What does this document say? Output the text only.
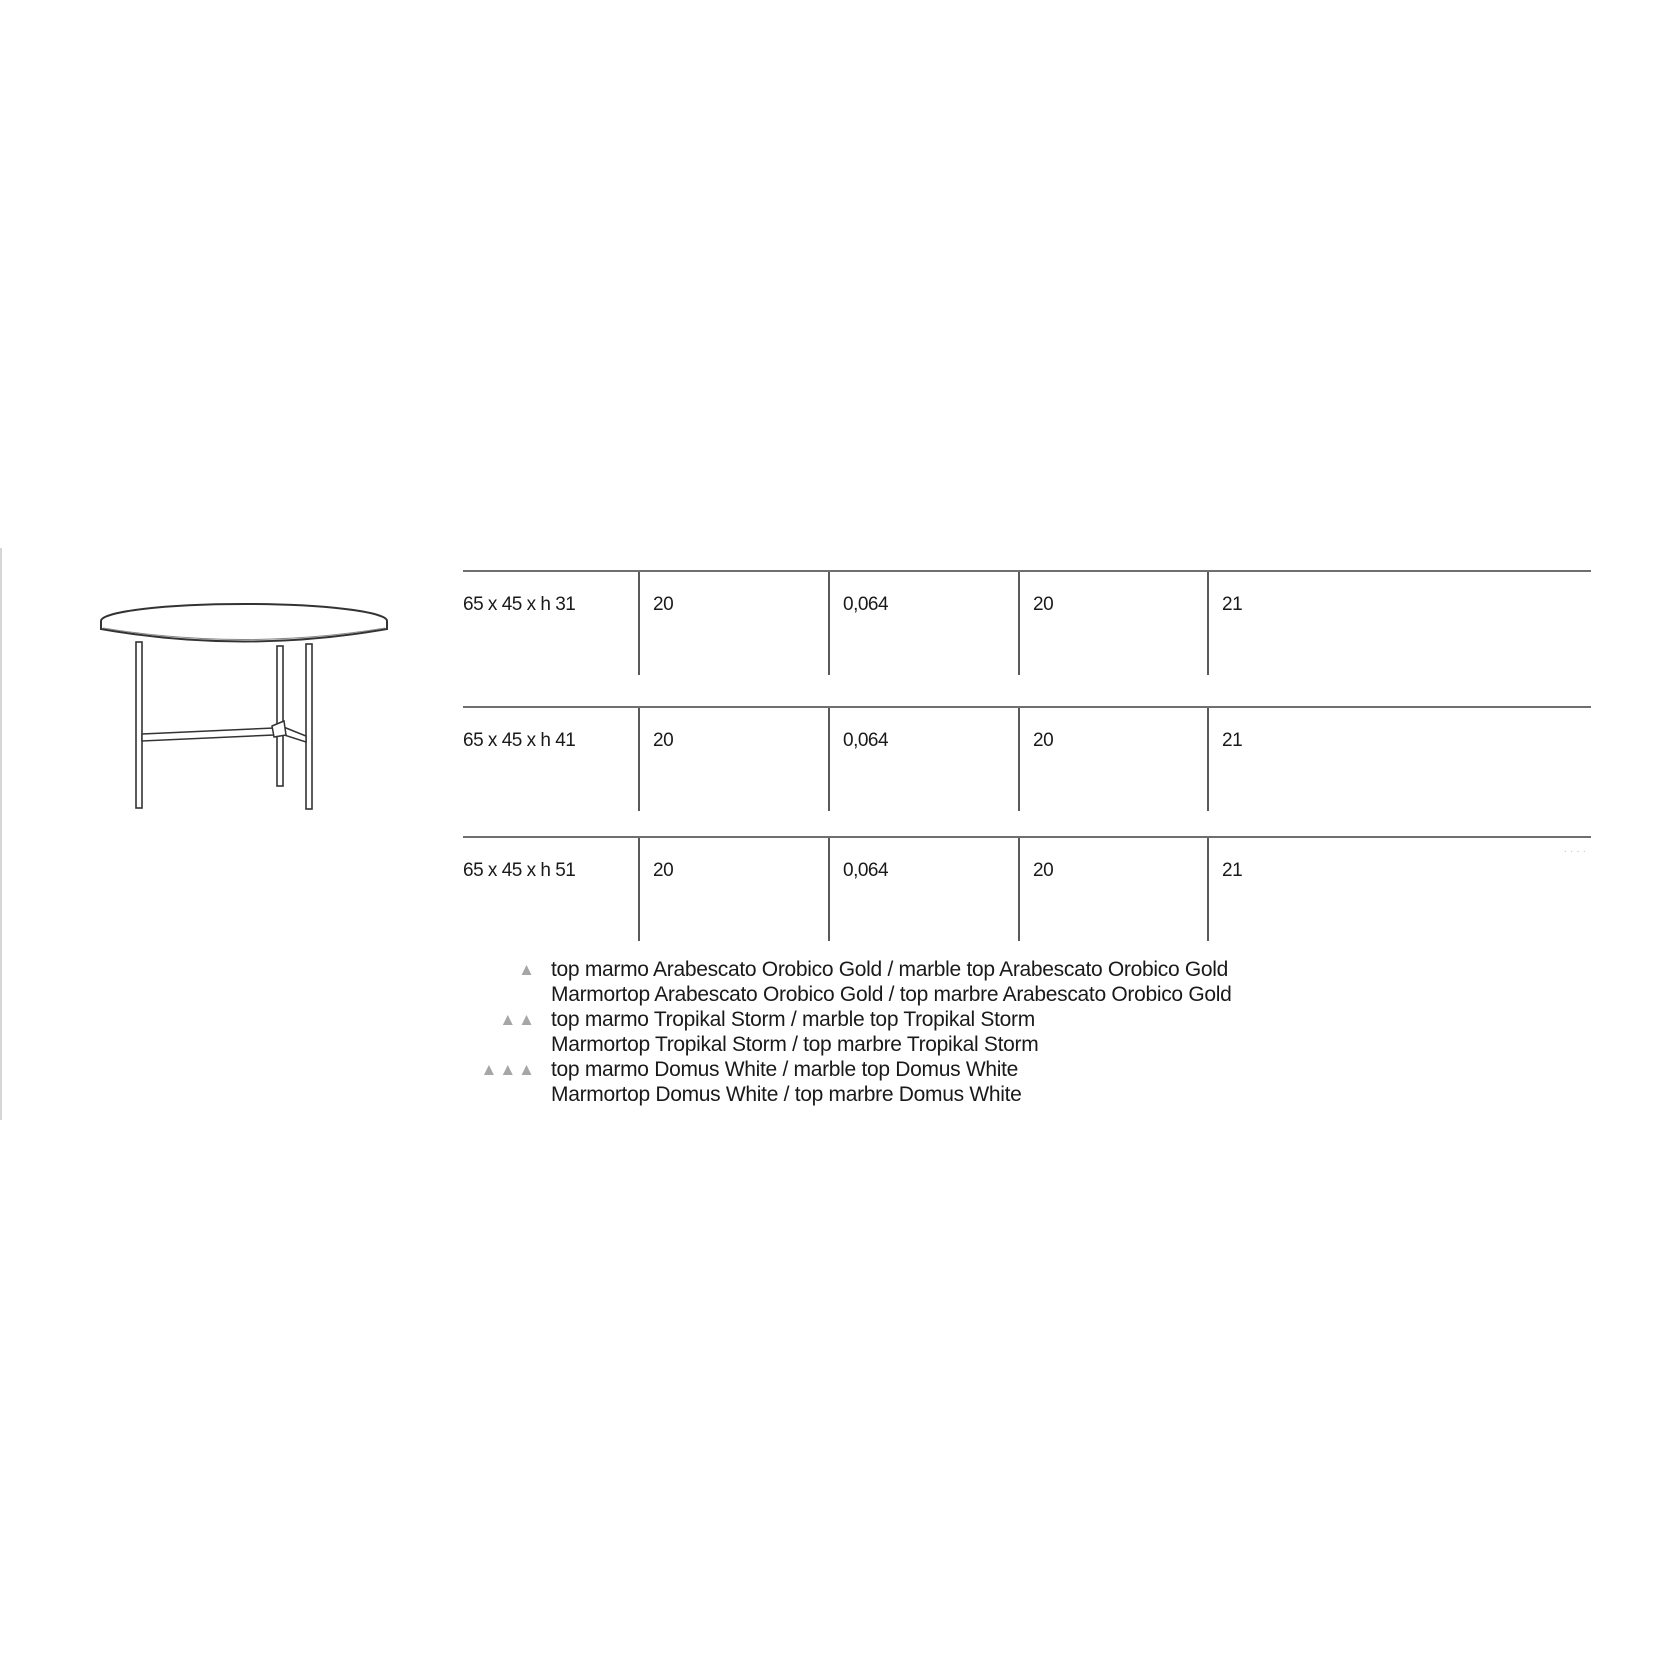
65 x 45 x h 31	20	0,064	20	21
65 x 45 x h 41	20	0,064	20	21
65 x 45 x h 51	20	0,064	20	21
····
▲ top marmo Arabescato Orobico Gold / marble top Arabescato Orobico Gold
Marmortop Arabescato Orobico Gold / top marbre Arabescato Orobico Gold
▲▲ top marmo Tropikal Storm / marble top Tropikal Storm
Marmortop Tropikal Storm / top marbre Tropikal Storm
▲▲▲ top marmo Domus White / marble top Domus White
Marmortop Domus White / top marbre Domus White
